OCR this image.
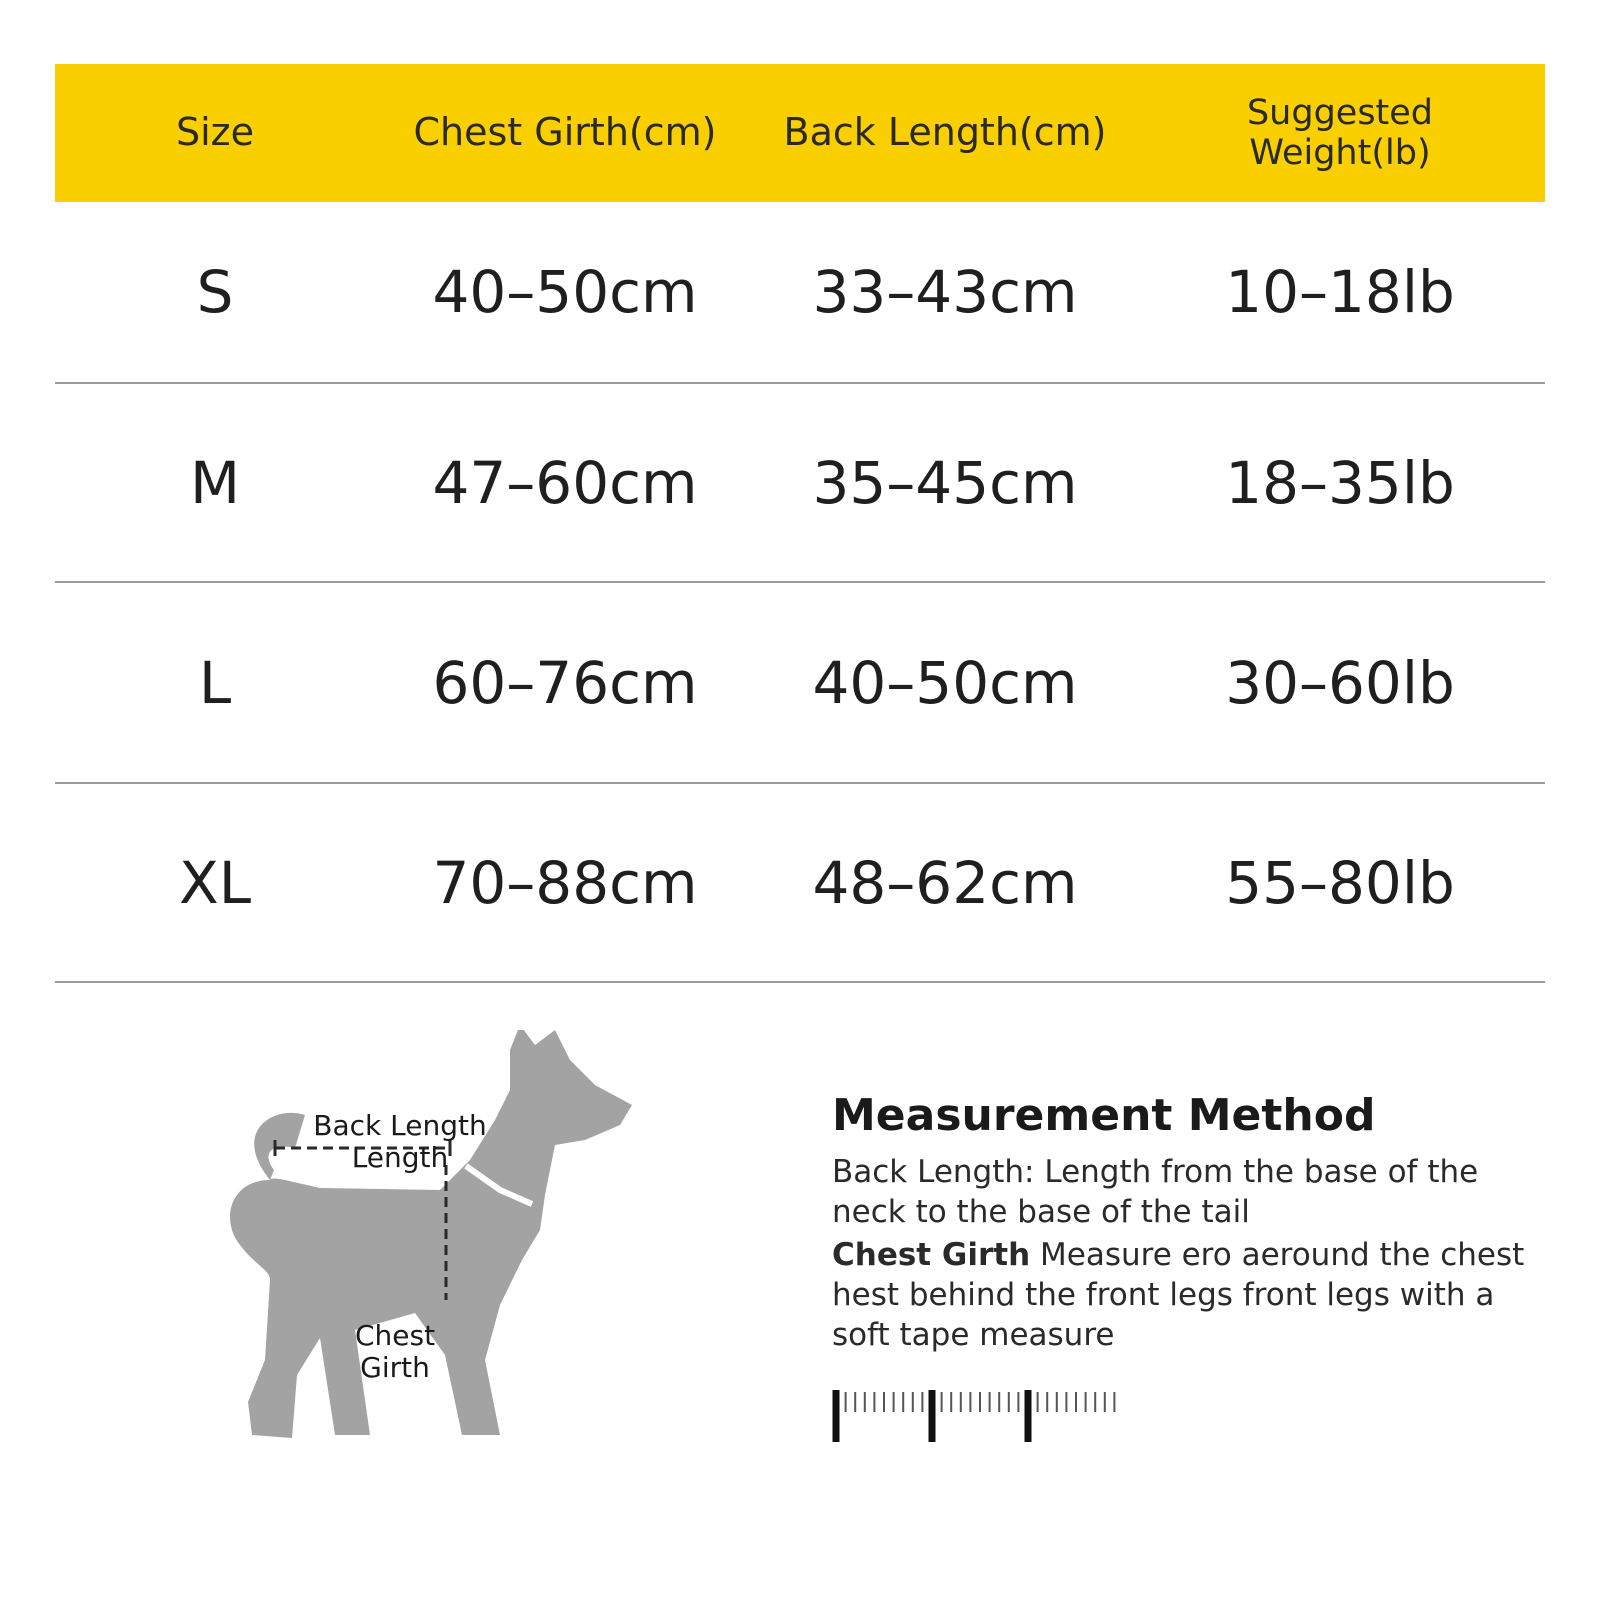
Size	Chest Girth(cm)	Back Length(cm)	Suggested Weight(lb)
S	40–50cm	33–43cm	10–18lb
M	47–60cm	35–45cm	18–35lb
L	60–76cm	40–50cm	30–60lb
XL	70–88cm	48–62cm	55–80lb
Back Length Length
Chest Girth
Measurement Method

Back Length: Length from the base of the neck to the base of the tail

Chest Girth Measure ero aeround the chest hest behind the front legs front legs with a soft tape measure
